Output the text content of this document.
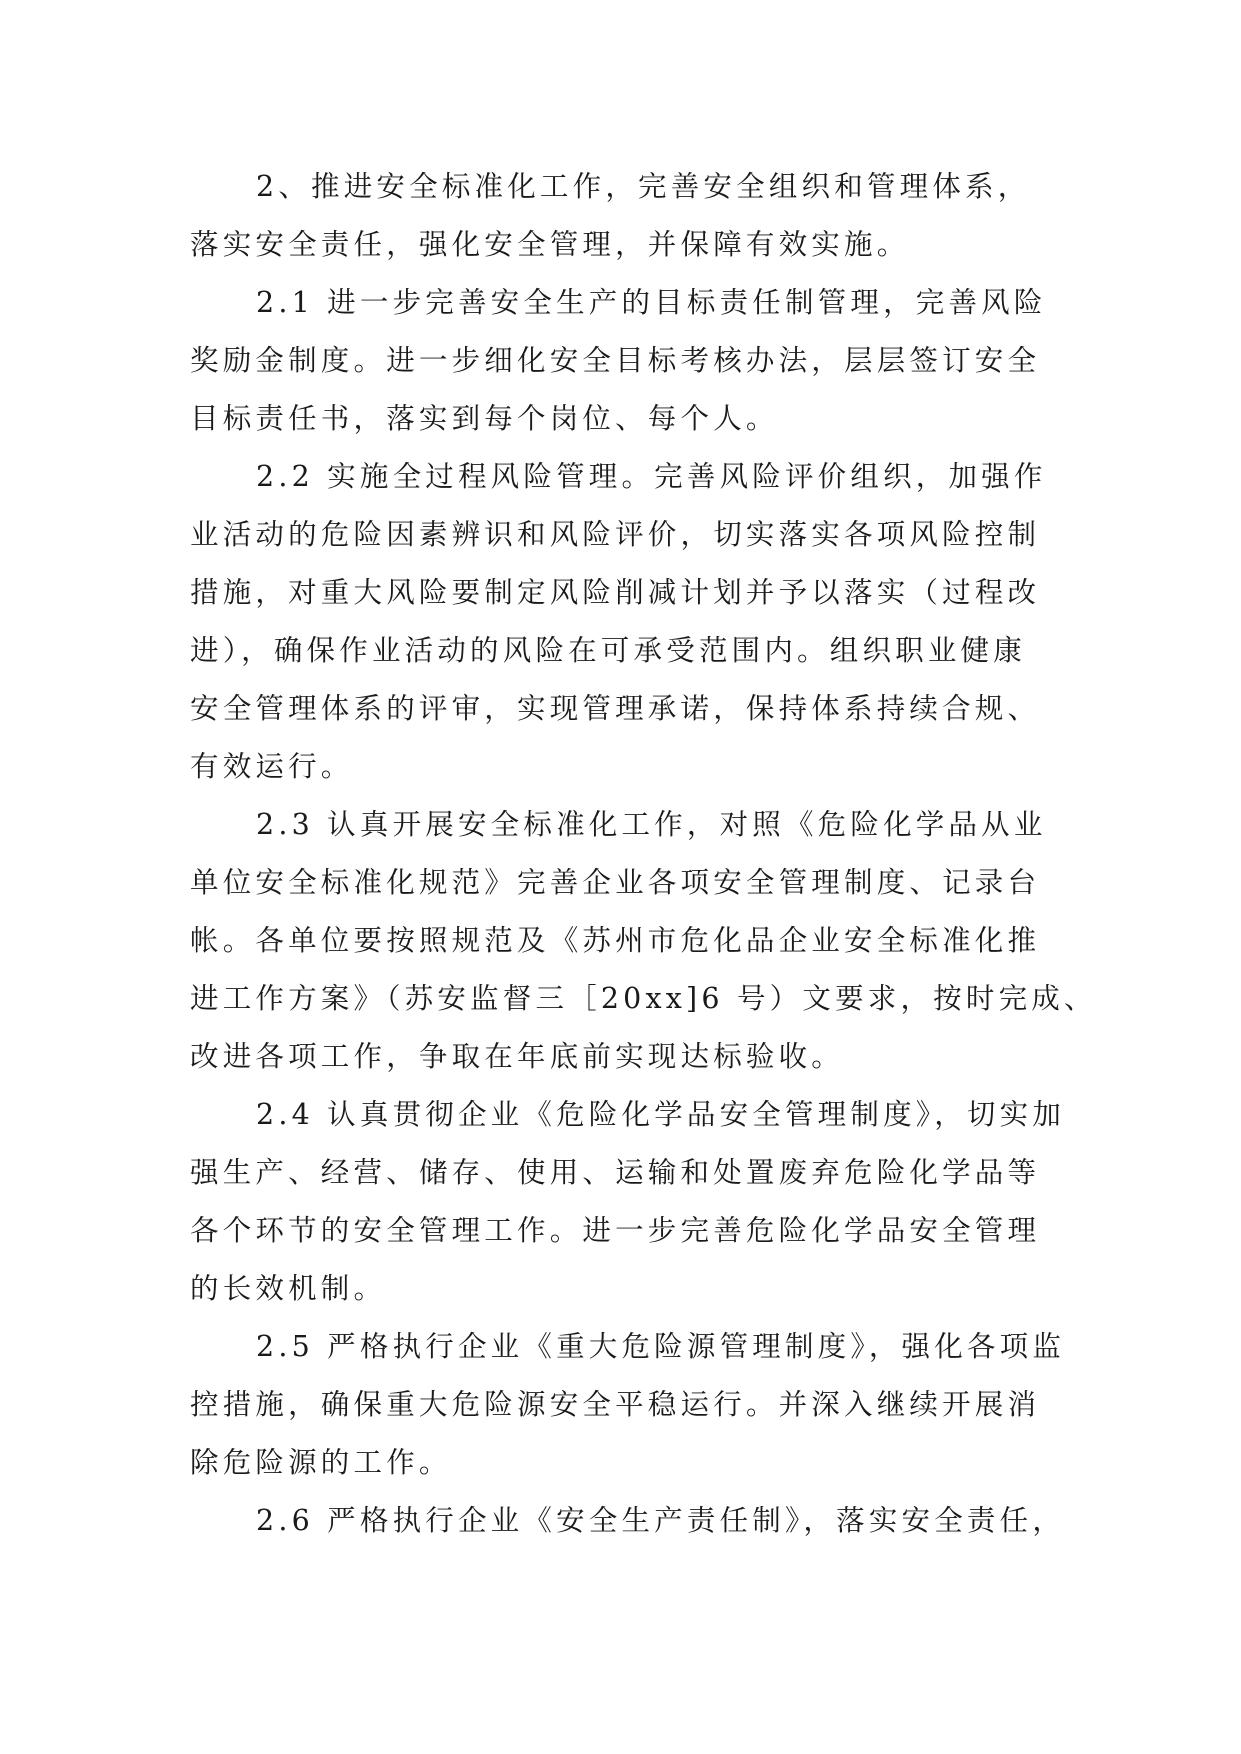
2、推进安全标准化工作，完善安全组织和管理体系，
落实安全责任，强化安全管理，并保障有效实施。
2.1 进一步完善安全生产的目标责任制管理，完善风险
奖励金制度。进一步细化安全目标考核办法，层层签订安全
目标责任书，落实到每个岗位、每个人。
2.2 实施全过程风险管理。完善风险评价组织，加强作
业活动的危险因素辨识和风险评价，切实落实各项风险控制
措施，对重大风险要制定风险削减计划并予以落实（过程改
进），确保作业活动的风险在可承受范围内。组织职业健康
安全管理体系的评审，实现管理承诺，保持体系持续合规、
有效运行。
2.3 认真开展安全标准化工作，对照《危险化学品从业
单位安全标准化规范》完善企业各项安全管理制度、记录台
帐。各单位要按照规范及《苏州市危化品企业安全标准化推
进工作方案》（苏安监督三［20xx]6 号）文要求，按时完成、
改进各项工作，争取在年底前实现达标验收。
2.4 认真贯彻企业《危险化学品安全管理制度》，切实加
强生产、经营、储存、使用、运输和处置废弃危险化学品等
各个环节的安全管理工作。进一步完善危险化学品安全管理
的长效机制。
2.5 严格执行企业《重大危险源管理制度》，强化各项监
控措施，确保重大危险源安全平稳运行。并深入继续开展消
除危险源的工作。
2.6 严格执行企业《安全生产责任制》，落实安全责任，
